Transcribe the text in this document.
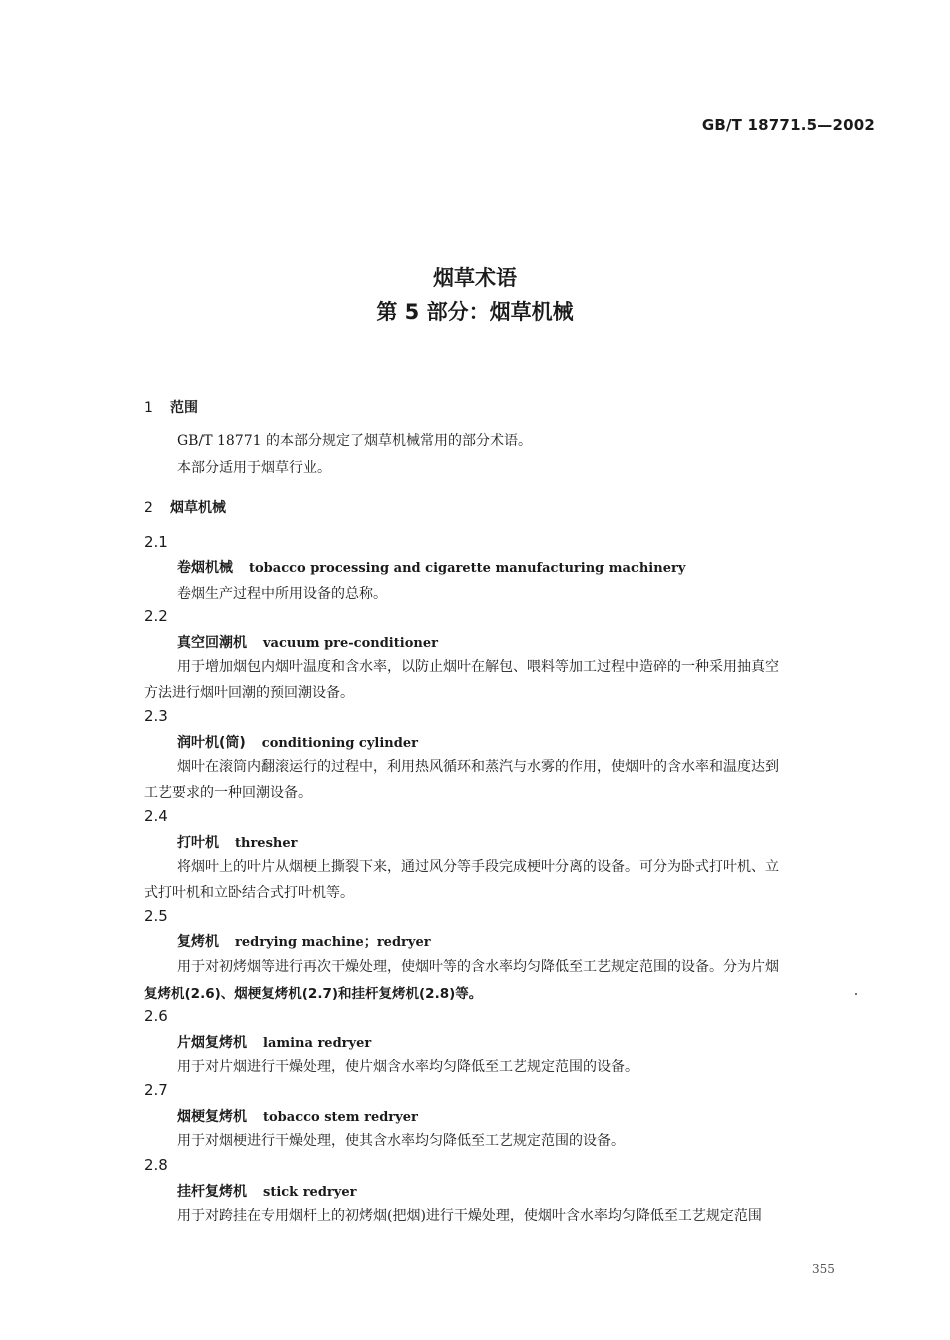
GB/T 18771.5—2002
烟草术语
第 5 部分：烟草机械
1 范围
GB/T 18771 的本部分规定了烟草机械常用的部分术语。
本部分适用于烟草行业。
2 烟草机械
2.1
卷烟机械 tobacco processing and cigarette manufacturing machinery
卷烟生产过程中所用设备的总称。
2.2
真空回潮机 vacuum pre-conditioner
用于增加烟包内烟叶温度和含水率，以防止烟叶在解包、喂料等加工过程中造碎的一种采用抽真空
方法进行烟叶回潮的预回潮设备。
2.3
润叶机(筒) conditioning cylinder
烟叶在滚筒内翻滚运行的过程中，利用热风循环和蒸汽与水雾的作用，使烟叶的含水率和温度达到
工艺要求的一种回潮设备。
2.4
打叶机 thresher
将烟叶上的叶片从烟梗上撕裂下来，通过风分等手段完成梗叶分离的设备。可分为卧式打叶机、立
式打叶机和立卧结合式打叶机等。
2.5
复烤机 redrying machine；redryer
用于对初烤烟等进行再次干燥处理，使烟叶等的含水率均匀降低至工艺规定范围的设备。分为片烟
复烤机(2.6)、烟梗复烤机(2.7)和挂杆复烤机(2.8)等。
2.6
片烟复烤机 lamina redryer
用于对片烟进行干燥处理，使片烟含水率均匀降低至工艺规定范围的设备。
2.7
烟梗复烤机 tobacco stem redryer
用于对烟梗进行干燥处理，使其含水率均匀降低至工艺规定范围的设备。
2.8
挂杆复烤机 stick redryer
用于对跨挂在专用烟杆上的初烤烟(把烟)进行干燥处理，使烟叶含水率均匀降低至工艺规定范围
355
